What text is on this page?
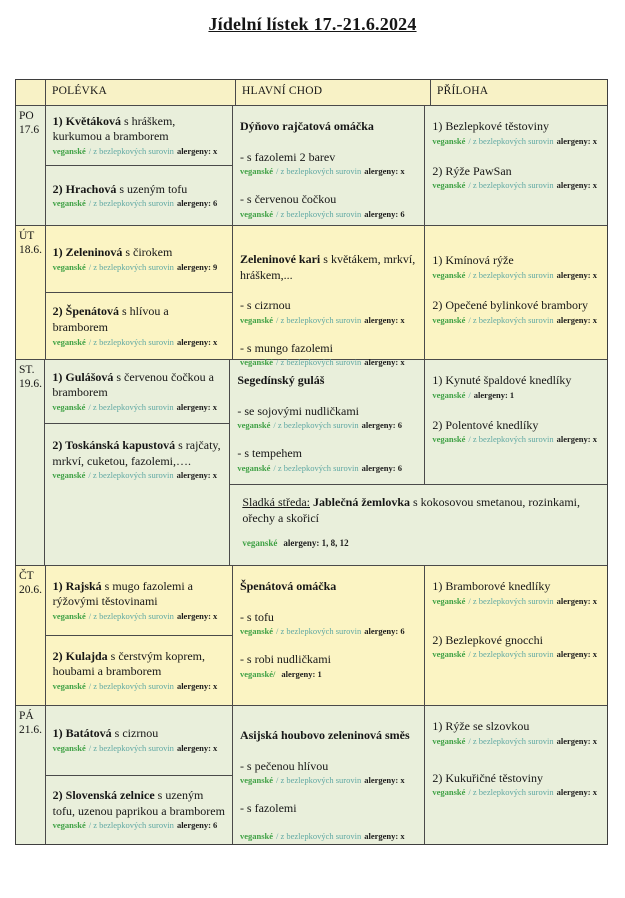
Jídelní lístek 17.-21.6.2024
POLÉVKA	HLAVNÍ CHOD	PŘÍLOHA
PO
17.6

1) Květáková s hráškem, kurkumou a bramborem

veganské / z bezlepkových surovin alergeny: x

2) Hrachová s uzeným tofu

veganské / z bezlepkových surovin alergeny: 6

Dýňovo rajčatová omáčka

- s fazolemi 2 barev

veganské / z bezlepkových surovin alergeny: x

- s červenou čočkou

veganské / z bezlepkových surovin alergeny: 6

1) Bezlepkové těstoviny

veganské / z bezlepkových surovin alergeny: x

2) Rýže PawSan

veganské / z bezlepkových surovin alergeny: x

ÚT
18.6. 1) Zeleninová s čirokem

veganské / z bezlepkových surovin alergeny: 9

2) Špenátová s hlívou a bramborem

veganské / z bezlepkových surovin alergeny: x

Zeleninové kari s květákem, mrkví, hráškem,...

- s cizrnou

veganské / z bezlepkových surovin alergeny: x

- s mungo fazolemi

veganské / z bezlepkových surovin alergeny: x

1) Kmínová rýže

veganské / z bezlepkových surovin alergeny: x

2) Opečené bylinkové brambory

veganské / z bezlepkových surovin alergeny: x

ST.
19.6.

1) Gulášová s červenou čočkou a bramborem

veganské / z bezlepkových surovin alergeny: x

2) Toskánská kapustová s rajčaty, mrkví, cuketou, fazolemi,….

veganské / z bezlepkových surovin alergeny: x

Segedínský guláš

- se sojovými nudličkami

veganské / z bezlepkových surovin alergeny: 6

- s tempehem

veganské / z bezlepkových surovin alergeny: 6

1) Kynuté špaldové knedlíky

veganské / alergeny: 1

2) Polentové knedlíky

veganské / z bezlepkových surovin alergeny: x

Sladká středa: Jablečná žemlovka s kokosovou smetanou, rozinkami, ořechy a skořicí

veganské alergeny: 1, 8, 12

ČT
20.6. 1) Rajská s mugo fazolemi a rýžovými těstovinami

veganské / z bezlepkových surovin alergeny: x

2) Kulajda s čerstvým koprem, houbami a bramborem

veganské / z bezlepkových surovin alergeny: x

Špenátová omáčka

- s tofu

veganské / z bezlepkových surovin alergeny: 6

- s robi nudličkami

veganské/ alergeny: 1

1) Bramborové knedlíky

veganské / z bezlepkových surovin alergeny: x

2) Bezlepkové gnocchi

veganské / z bezlepkových surovin alergeny: x

PÁ
21.6. 1) Batátová s cizrnou

veganské / z bezlepkových surovin alergeny: x

2) Slovenská zelnice s uzeným tofu, uzenou paprikou a bramborem

veganské / z bezlepkových surovin alergeny: 6

Asijská houbovo zeleninová směs

- s pečenou hlívou

veganské / z bezlepkových surovin alergeny: x

- s fazolemi

veganské / z bezlepkových surovin alergeny: x

1) Rýže se slzovkou

veganské / z bezlepkových surovin alergeny: x

2) Kukuřičné těstoviny

veganské / z bezlepkových surovin alergeny: x
